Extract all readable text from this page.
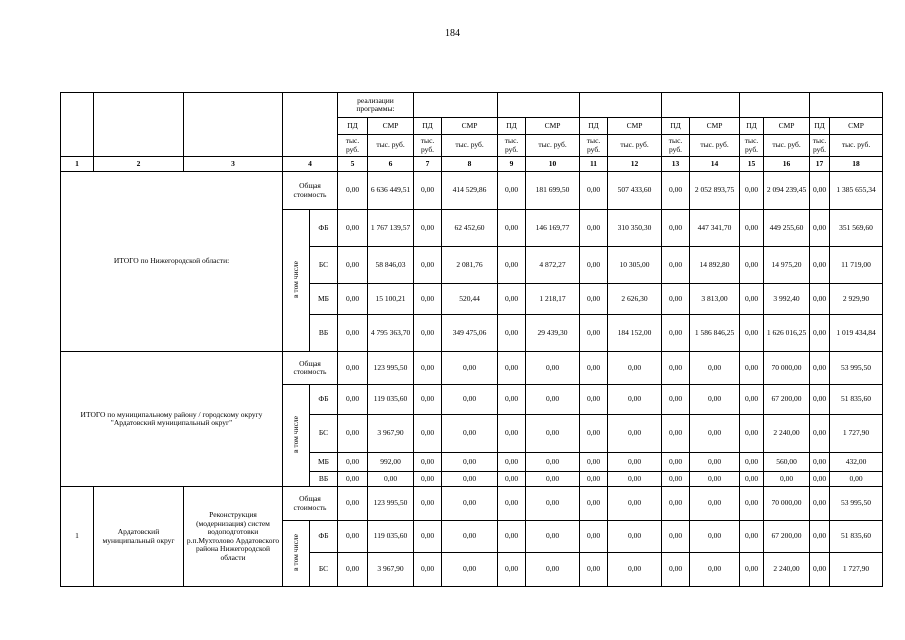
184
					реализации программы:													
					ПД	СМР	ПД	СМР	ПД	СМР	ПД	СМР	ПД	СМР	ПД	СМР	ПД	СМР
					тыс. руб.	тыс. руб.	тыс. руб.	тыс. руб.	тыс. руб.	тыс. руб.	тыс. руб.	тыс. руб.	тыс. руб.	тыс. руб.	тыс. руб.	тыс. руб.	тыс. руб.	тыс. руб.
1	2	3	4		5	6	7	8	9	10	11	12	13	14	15	16	17	18
ИТОГО по Нижегородской области:			Общая стоимость		0,00	6 636 449,51	0,00	414 529,86	0,00	181 699,50	0,00	507 433,60	0,00	2 052 893,75	0,00	2 094 239,45	0,00	1 385 655,34
			в том числе	ФБ	0,00	1 767 139,57	0,00	62 452,60	0,00	146 169,77	0,00	310 350,30	0,00	447 341,70	0,00	449 255,60	0,00	351 569,60
				БС	0,00	58 846,03	0,00	2 081,76	0,00	4 872,27	0,00	10 305,00	0,00	14 892,80	0,00	14 975,20	0,00	11 719,00
				МБ	0,00	15 100,21	0,00	520,44	0,00	1 218,17	0,00	2 626,30	0,00	3 813,00	0,00	3 992,40	0,00	2 929,90
				ВБ	0,00	4 795 363,70	0,00	349 475,06	0,00	29 439,30	0,00	184 152,00	0,00	1 586 846,25	0,00	1 626 016,25	0,00	1 019 434,84
ИТОГО по муниципальному району / городскому округу "Ардатовский муниципальный округ"			Общая стоимость		0,00	123 995,50	0,00	0,00	0,00	0,00	0,00	0,00	0,00	0,00	0,00	70 000,00	0,00	53 995,50
			в том числе	ФБ	0,00	119 035,60	0,00	0,00	0,00	0,00	0,00	0,00	0,00	0,00	0,00	67 200,00	0,00	51 835,60
				БС	0,00	3 967,90	0,00	0,00	0,00	0,00	0,00	0,00	0,00	0,00	0,00	2 240,00	0,00	1 727,90
				МБ	0,00	992,00	0,00	0,00	0,00	0,00	0,00	0,00	0,00	0,00	0,00	560,00	0,00	432,00
				ВБ	0,00	0,00	0,00	0,00	0,00	0,00	0,00	0,00	0,00	0,00	0,00	0,00	0,00	0,00
1	Ардатовский муниципальный округ	Реконструкция (модернизация) систем водоподготовки р.п.Мухтолово Ардатовского района Нижегородской области	Общая стоимость		0,00	123 995,50	0,00	0,00	0,00	0,00	0,00	0,00	0,00	0,00	0,00	70 000,00	0,00	53 995,50
			в том числе	ФБ	0,00	119 035,60	0,00	0,00	0,00	0,00	0,00	0,00	0,00	0,00	0,00	67 200,00	0,00	51 835,60
				БС	0,00	3 967,90	0,00	0,00	0,00	0,00	0,00	0,00	0,00	0,00	0,00	2 240,00	0,00	1 727,90
